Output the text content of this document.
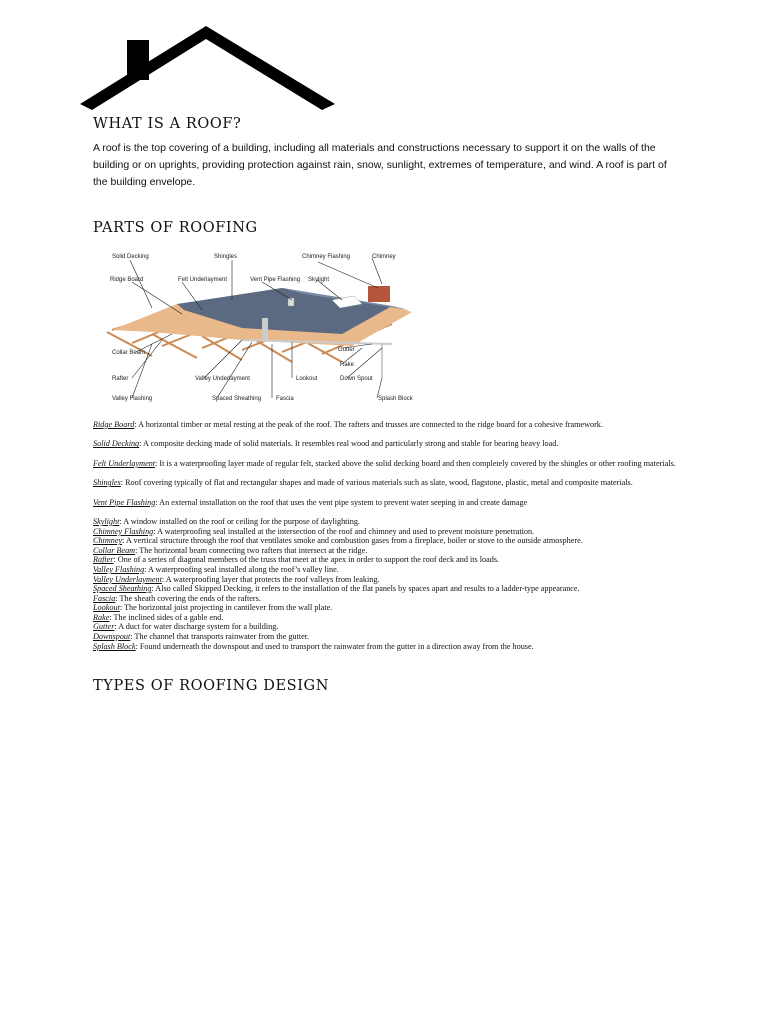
WHAT IS A ROOF?

A roof is the top covering of a building, including all materials and constructions necessary to support it on the walls of the building or on uprights, providing protection against rain, snow, sunlight, extremes of temperature, and wind. A roof is part of the building envelope.

PARTS OF ROOFING
Solid Decking	Shingles	Chimney Flashing	Chimney
Ridge Board	Felt Underlayment	Vent Pipe Flashing Skylight
Collar Beam	Gutter
Rake
Rafter	Valley Underlayment	Lookout	Down Spout
Valley Flashing	Spaced Sheathing Fascia	Splash Block

Ridge Board: A horizontal timber or metal resting at the peak of the roof. The rafters and trusses are connected to the ridge board for a cohesive framework.

Solid Decking: A composite decking made of solid materials. It resembles real wood and particularly strong and stable for bearing heavy load.

Felt Underlayment: It is a waterproofing layer made of regular felt, stacked above the solid decking board and then completely covered by the shingles or other roofing materials.

Shingles: Roof covering typically of flat and rectangular shapes and made of various materials such as slate, wood, flagstone, plastic, metal and composite materials.

Vent Pipe Flashing: An external installation on the roof that uses the vent pipe system to prevent water seeping in and create damage

Skylight: A window installed on the roof or ceiling for the purpose of daylighting.

Chimney Flashing: A waterproofing seal installed at the intersection of the roof and chimney and used to prevent moisture penetration.

Chimney: A vertical structure through the roof that ventilates smoke and combustion gases from a fireplace, boiler or stove to the outside atmosphere.

Collar Beam: The horizontal beam connecting two rafters that intersect at the ridge.

Rafter: One of a series of diagonal members of the truss that meet at the apex in order to support the roof deck and its loads.

Valley Flashing: A waterproofing seal installed along the roof’s valley line.

Valley Underlayment: A waterproofing layer that protects the roof valleys from leaking.

Spaced Sheathing: Also called Skipped Decking, it refers to the installation of the flat panels by spaces apart and results to a ladder-type appearance.

Fascia: The sheath covering the ends of the rafters.

Lookout: The horizontal joist projecting in cantilever from the wall plate.

Rake: The inclined sides of a gable end.

Gutter: A duct for water discharge system for a building.

Downspout: The channel that transports rainwater from the gutter.

Splash Block: Found underneath the downspout and used to transport the rainwater from the gutter in a direction away from the house.

TYPES OF ROOFING DESIGN
